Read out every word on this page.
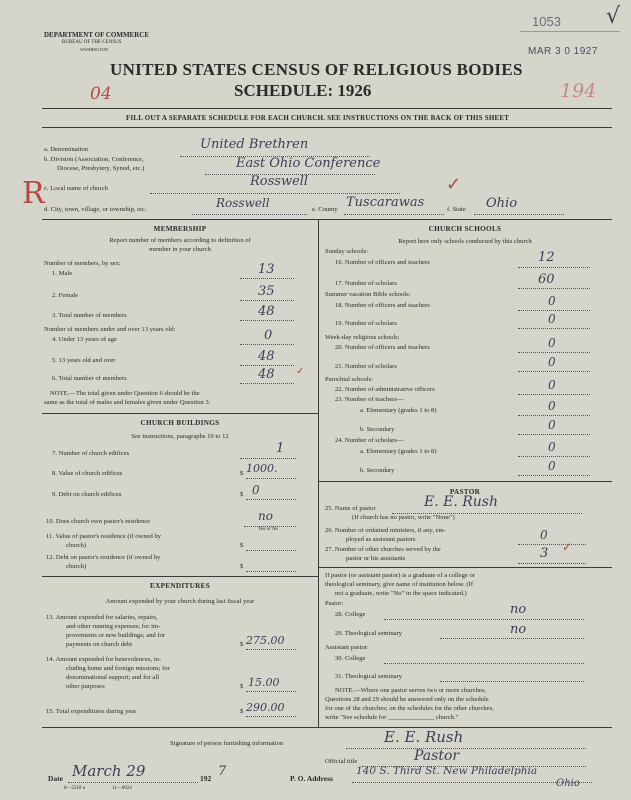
DEPARTMENT OF COMMERCE
BUREAU OF THE CENSUS
WASHINGTON
1053 √
MAR 3 0 1927
UNITED STATES CENSUS OF RELIGIOUS BODIES
SCHEDULE: 1926
04	194
FILL OUT A SEPARATE SCHEDULE FOR EACH CHURCH. SEE INSTRUCTIONS ON THE BACK OF THIS SHEET
a. Denomination	United Brethren
b. Division (Association, Conference,
Diocese, Presbytery, Synod, etc.)	East Ohio Conference
R c. Local name of church	Rosswell	✓
d. City, town, village, or township, etc.	Rosswell	e. County Tuscarawas	f. State Ohio
MEMBERSHIP
Report number of members according to definition of
member in your church
Number of members, by sex:
1. Male	13
2. Female	35
3. Total number of members	48
Number of members under and over 13 years old:
4. Under 13 years of age	0
5. 13 years old and over	48
6. Total number of members	48 ✓
NOTE.—The total given under Question 6 should be the
same as the total of males and females given under Question 3.
CHURCH BUILDINGS
See instructions, paragraphs 10 to 12
7. Number of church edifices	1
8. Value of church edifices	$ 1000.
9. Debt on church edifices	$ 0
10. Does church own pastor's residence	no
Yes or No
11. Value of pastor's residence (if owned by
church)	$
12. Debt on pastor's residence (if owned by
church)	$
EXPENDITURES
Amount expended by your church during last fiscal year
13. Amount expended for salaries, repairs,
and other running expenses; for im-
provements or new buildings; and for
payments on church debt	$ 275.00
14. Amount expended for benevolences, in-
cluding home and foreign missions; for
denominational support; and for all
other purposes	$ 15.00
15. Total expenditures during year	$ 290.00
CHURCH SCHOOLS
Report here only schools conducted by this church
Sunday schools:
16. Number of officers and teachers	12
17. Number of scholars	60
Summer vacation Bible schools:
18. Number of officers and teachers	0
19. Number of scholars	0
Week-day religious schools:
20. Number of officers and teachers	0
21. Number of scholars	0
Parochial schools:
22. Number of administrative officers	0
23. Number of teachers—
a. Elementary (grades 1 to 8)	0
b. Secondary	0
24. Number of scholars—
a. Elementary (grades 1 to 8)	0
b. Secondary	0
PASTOR
25. Name of pastor	E. E. Rush
(If church has no pastor, write "None")
26. Number of ordained ministers, if any, em-
ployed as assistant pastors	0
27. Number of other churches served by the
pastor or his assistants	3 ✓
If pastor (or assistant pastor) is a graduate of a college or
theological seminary, give name of institution below. (If
not a graduate, write "No" in the space indicated.)
Pastor:
28. College	no
29. Theological seminary	no
Assistant pastor:
30. College
31. Theological seminary
NOTE.—Where one pastor serves two or more churches,
Questions 28 and 29 should be answered only on the schedule
for one of the churches; on the schedules for the other churches,
write "See schedule for ______________ church."
Signature of person furnishing information	E. E. Rush
Official title	Pastor
Date March 29	192 7	P. O. Address
140 S. Third St. New Philadelphia
Ohio
8—5518 a	11—0024
